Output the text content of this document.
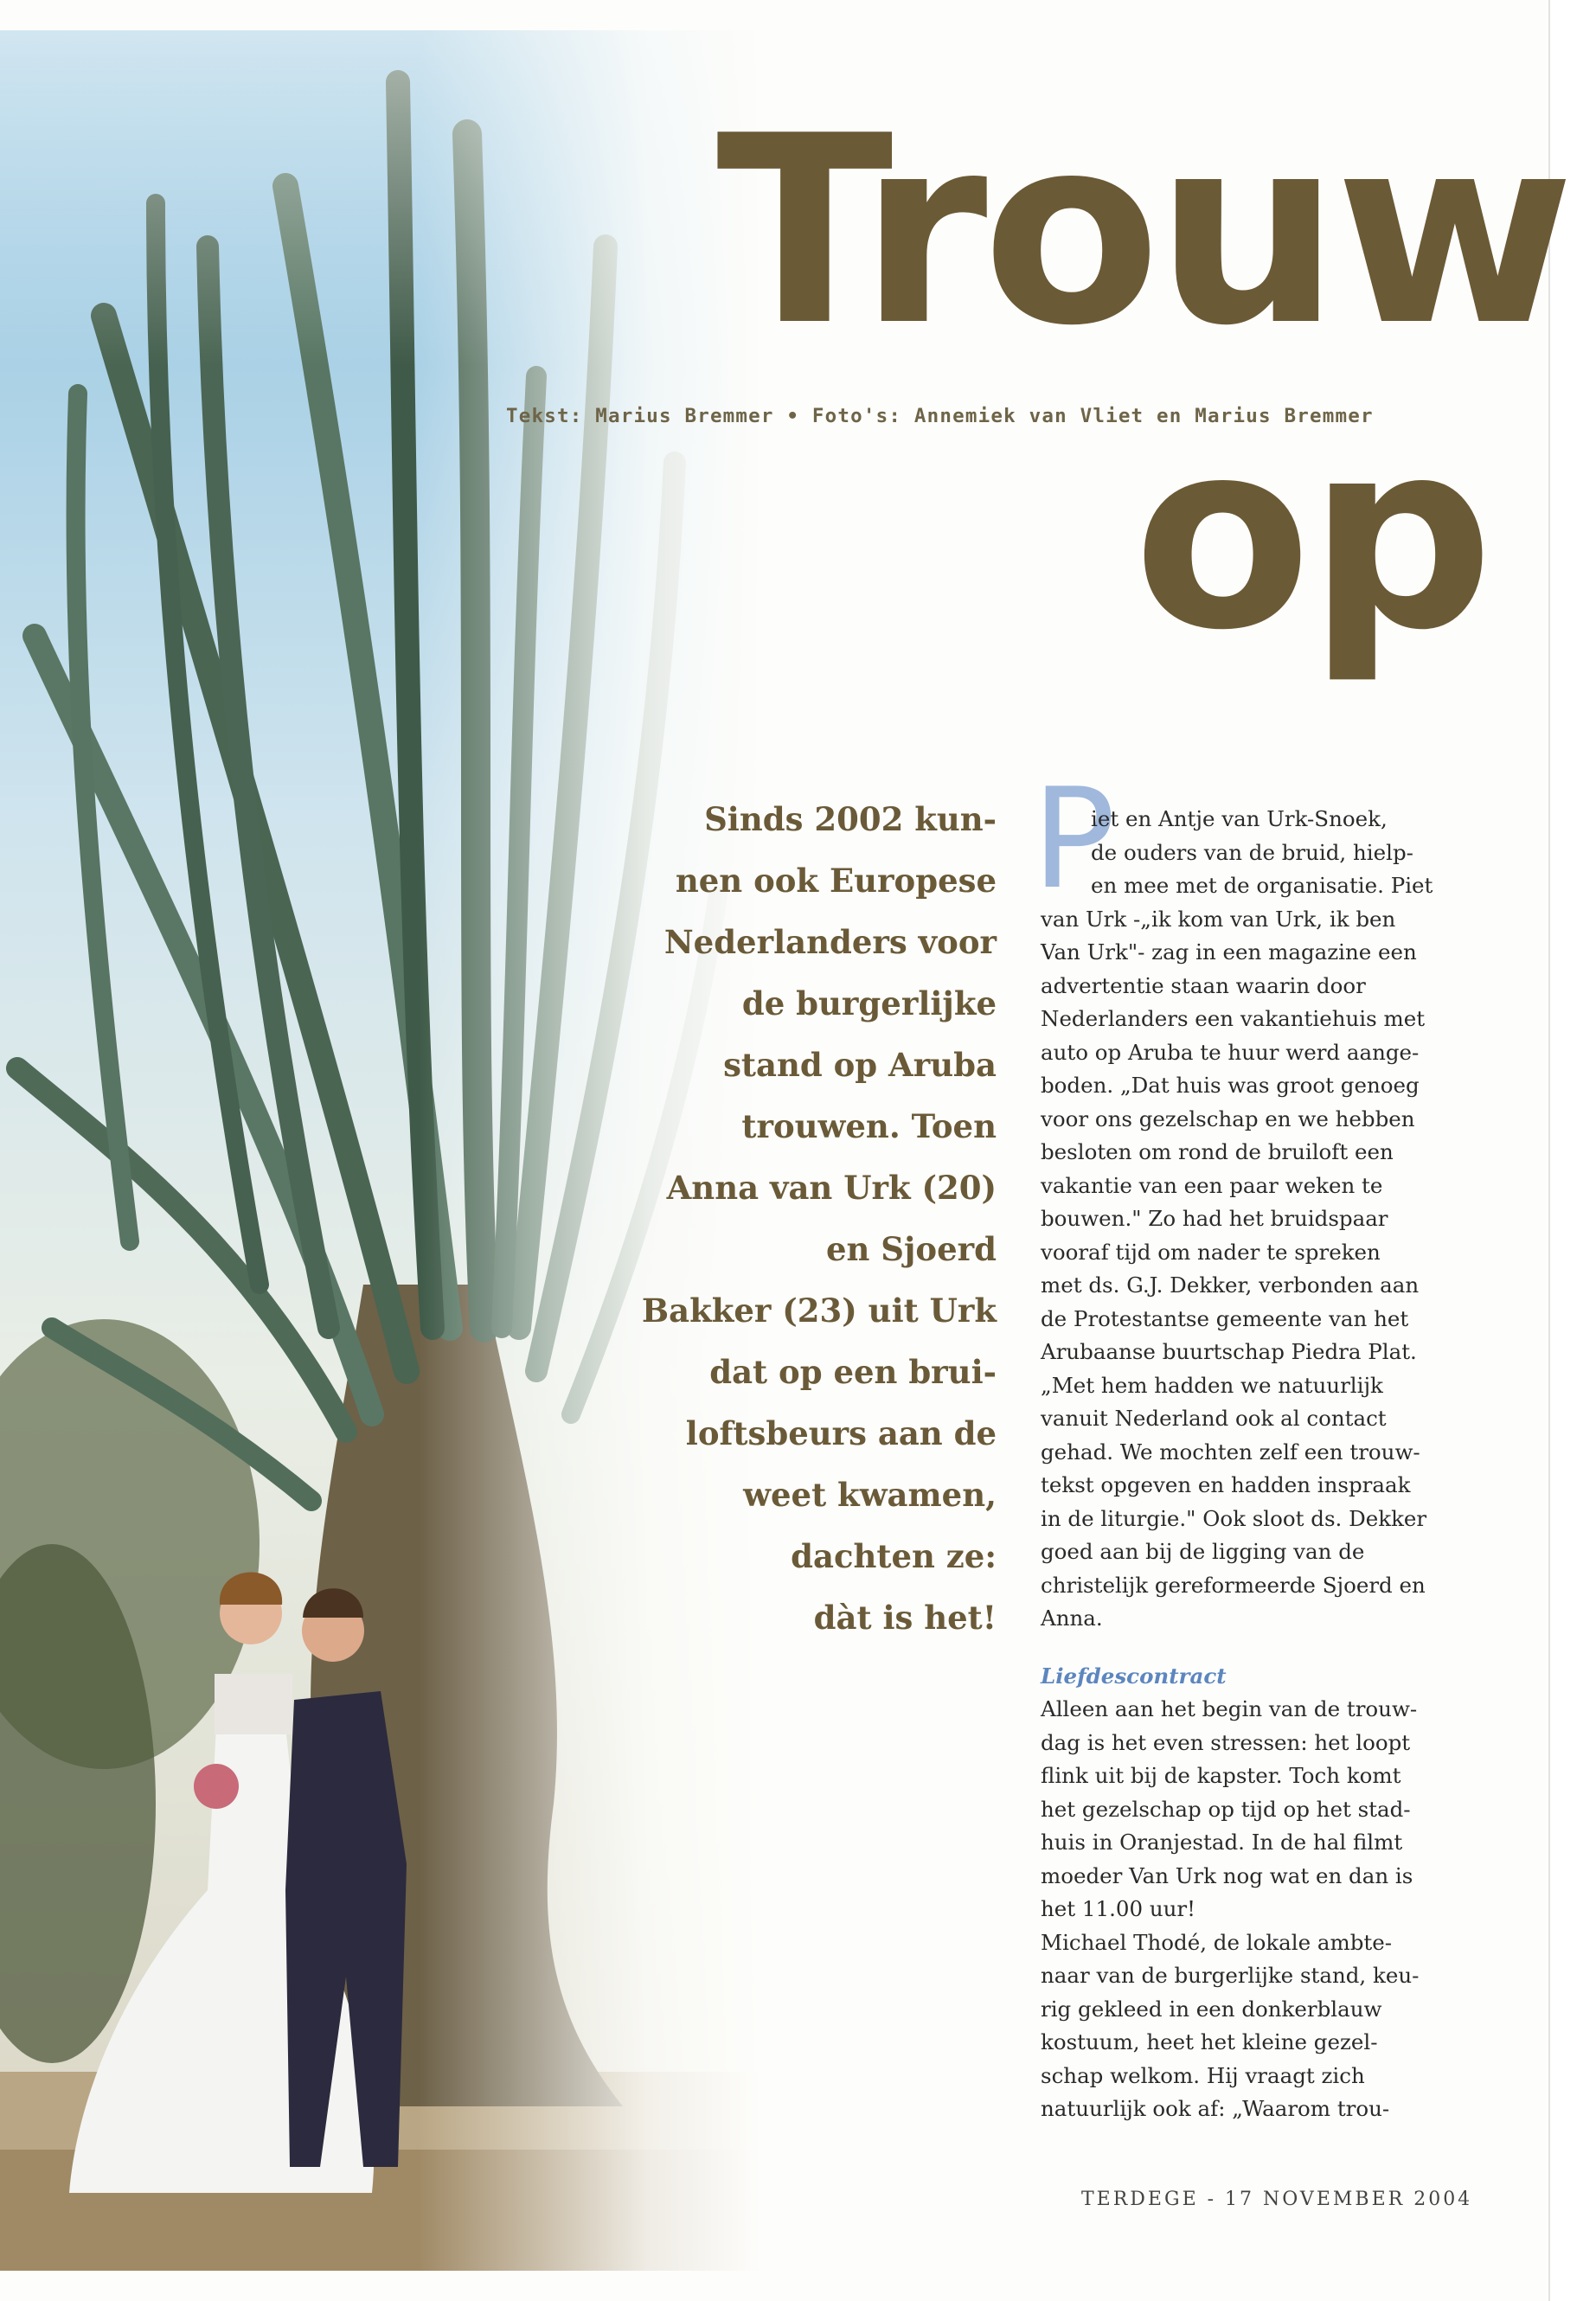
Trouw
Tekst: Marius Bremmer • Foto's: Annemiek van Vliet en Marius Bremmer
op
Sinds 2002 kun-
nen ook Europese
Nederlanders voor
de burgerlijke
stand op Aruba
trouwen. Toen
Anna van Urk (20)
en Sjoerd
Bakker (23) uit Urk
dat op een brui-
loftsbeurs aan de
weet kwamen,
dachten ze:
dàt is het!
P
iet en Antje van Urk-Snoek,
de ouders van de bruid, hielp-
en mee met de organisatie. Piet
van Urk -„ik kom van Urk, ik ben
Van Urk"- zag in een magazine een
advertentie staan waarin door
Nederlanders een vakantiehuis met
auto op Aruba te huur werd aange-
boden. „Dat huis was groot genoeg
voor ons gezelschap en we hebben
besloten om rond de bruiloft een
vakantie van een paar weken te
bouwen." Zo had het bruidspaar
vooraf tijd om nader te spreken
met ds. G.J. Dekker, verbonden aan
de Protestantse gemeente van het
Arubaanse buurtschap Piedra Plat.
„Met hem hadden we natuurlijk
vanuit Nederland ook al contact
gehad. We mochten zelf een trouw-
tekst opgeven en hadden inspraak
in de liturgie." Ook sloot ds. Dekker
goed aan bij de ligging van de
christelijk gereformeerde Sjoerd en
Anna.
Liefdescontract
Alleen aan het begin van de trouw-
dag is het even stressen: het loopt
flink uit bij de kapster. Toch komt
het gezelschap op tijd op het stad-
huis in Oranjestad. In de hal filmt
moeder Van Urk nog wat en dan is
het 11.00 uur!
Michael Thodé, de lokale ambte-
naar van de burgerlijke stand, keu-
rig gekleed in een donkerblauw
kostuum, heet het kleine gezel-
schap welkom. Hij vraagt zich
natuurlijk ook af: „Waarom trou-
TERDEGE - 17 NOVEMBER 2004
